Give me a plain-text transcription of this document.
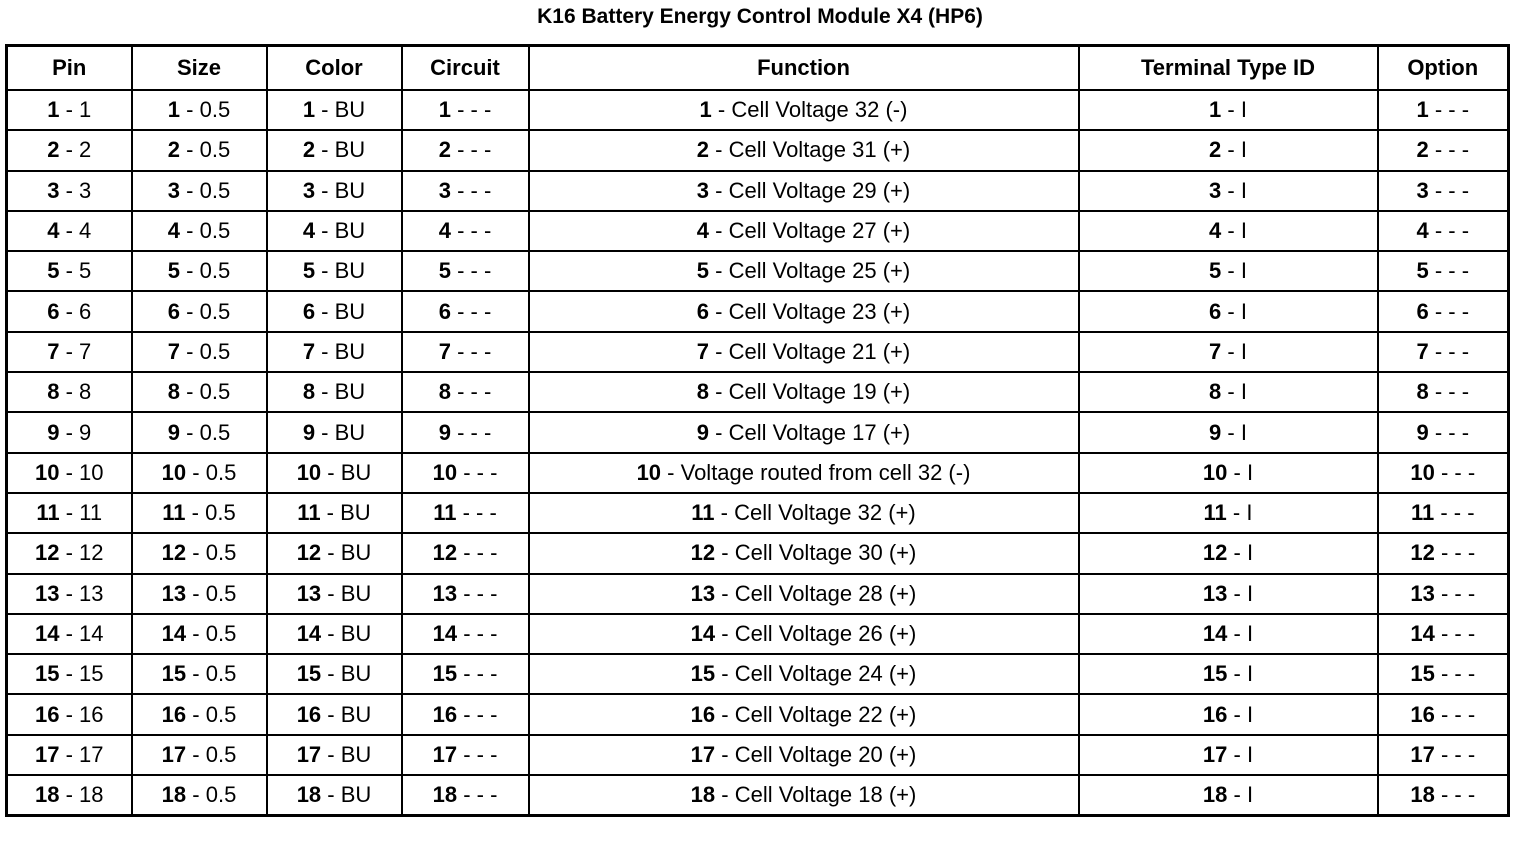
K16 Battery Energy Control Module X4 (HP6)
Pin	Size	Color	Circuit	Function	Terminal Type ID	Option
1 - 1	1 - 0.5	1 - BU	1 - - -	1 - Cell Voltage 32 (-)	1 - I	1 - - -
2 - 2	2 - 0.5	2 - BU	2 - - -	2 - Cell Voltage 31 (+)	2 - I	2 - - -
3 - 3	3 - 0.5	3 - BU	3 - - -	3 - Cell Voltage 29 (+)	3 - I	3 - - -
4 - 4	4 - 0.5	4 - BU	4 - - -	4 - Cell Voltage 27 (+)	4 - I	4 - - -
5 - 5	5 - 0.5	5 - BU	5 - - -	5 - Cell Voltage 25 (+)	5 - I	5 - - -
6 - 6	6 - 0.5	6 - BU	6 - - -	6 - Cell Voltage 23 (+)	6 - I	6 - - -
7 - 7	7 - 0.5	7 - BU	7 - - -	7 - Cell Voltage 21 (+)	7 - I	7 - - -
8 - 8	8 - 0.5	8 - BU	8 - - -	8 - Cell Voltage 19 (+)	8 - I	8 - - -
9 - 9	9 - 0.5	9 - BU	9 - - -	9 - Cell Voltage 17 (+)	9 - I	9 - - -
10 - 10	10 - 0.5	10 - BU	10 - - -	10 - Voltage routed from cell 32 (-)	10 - I	10 - - -
11 - 11	11 - 0.5	11 - BU	11 - - -	11 - Cell Voltage 32 (+)	11 - I	11 - - -
12 - 12	12 - 0.5	12 - BU	12 - - -	12 - Cell Voltage 30 (+)	12 - I	12 - - -
13 - 13	13 - 0.5	13 - BU	13 - - -	13 - Cell Voltage 28 (+)	13 - I	13 - - -
14 - 14	14 - 0.5	14 - BU	14 - - -	14 - Cell Voltage 26 (+)	14 - I	14 - - -
15 - 15	15 - 0.5	15 - BU	15 - - -	15 - Cell Voltage 24 (+)	15 - I	15 - - -
16 - 16	16 - 0.5	16 - BU	16 - - -	16 - Cell Voltage 22 (+)	16 - I	16 - - -
17 - 17	17 - 0.5	17 - BU	17 - - -	17 - Cell Voltage 20 (+)	17 - I	17 - - -
18 - 18	18 - 0.5	18 - BU	18 - - -	18 - Cell Voltage 18 (+)	18 - I	18 - - -
